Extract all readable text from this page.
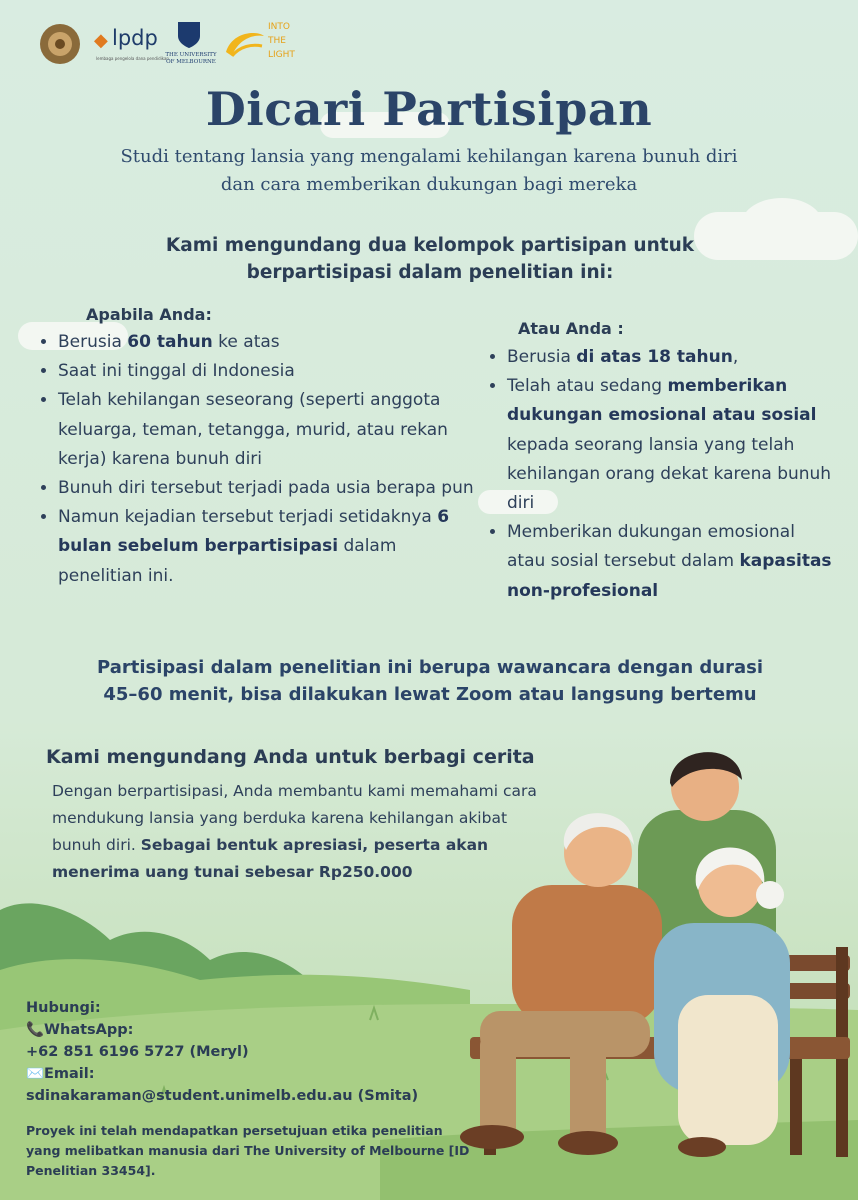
◆ lpdp
lembaga pengelola dana pendidikan
THE UNIVERSITY OF MELBOURNE
INTO
THE
LIGHT
Dicari Partisipan
Studi tentang lansia yang mengalami kehilangan karena bunuh diri
dan cara memberikan dukungan bagi mereka
Kami mengundang dua kelompok partisipan untuk
berpartisipasi dalam penelitian ini:
Apabila Anda:
• Berusia 60 tahun ke atas
• Saat ini tinggal di Indonesia
• Telah kehilangan seseorang (seperti anggota keluarga, teman, tetangga, murid, atau rekan kerja) karena bunuh diri
• Bunuh diri tersebut terjadi pada usia berapa pun
• Namun kejadian tersebut terjadi setidaknya 6 bulan sebelum berpartisipasi dalam penelitian ini.
Atau Anda :
• Berusia di atas 18 tahun,
• Telah atau sedang memberikan dukungan emosional atau sosial kepada seorang lansia yang telah kehilangan orang dekat karena bunuh diri
• Memberikan dukungan emosional atau sosial tersebut dalam kapasitas non-profesional
Partisipasi dalam penelitian ini berupa wawancara dengan durasi
45–60 menit, bisa dilakukan lewat Zoom atau langsung bertemu
Kami mengundang Anda untuk berbagi cerita
Dengan berpartisipasi, Anda membantu kami memahami cara mendukung lansia yang berduka karena kehilangan akibat bunuh diri. Sebagai bentuk apresiasi, peserta akan menerima uang tunai sebesar Rp250.000
Hubungi:
📞WhatsApp:
+62 851 6196 5727 (Meryl)
✉️Email:
sdinakaraman@student.unimelb.edu.au (Smita)
Proyek ini telah mendapatkan persetujuan etika penelitian yang melibatkan manusia dari The University of Melbourne [ID Penelitian 33454].
